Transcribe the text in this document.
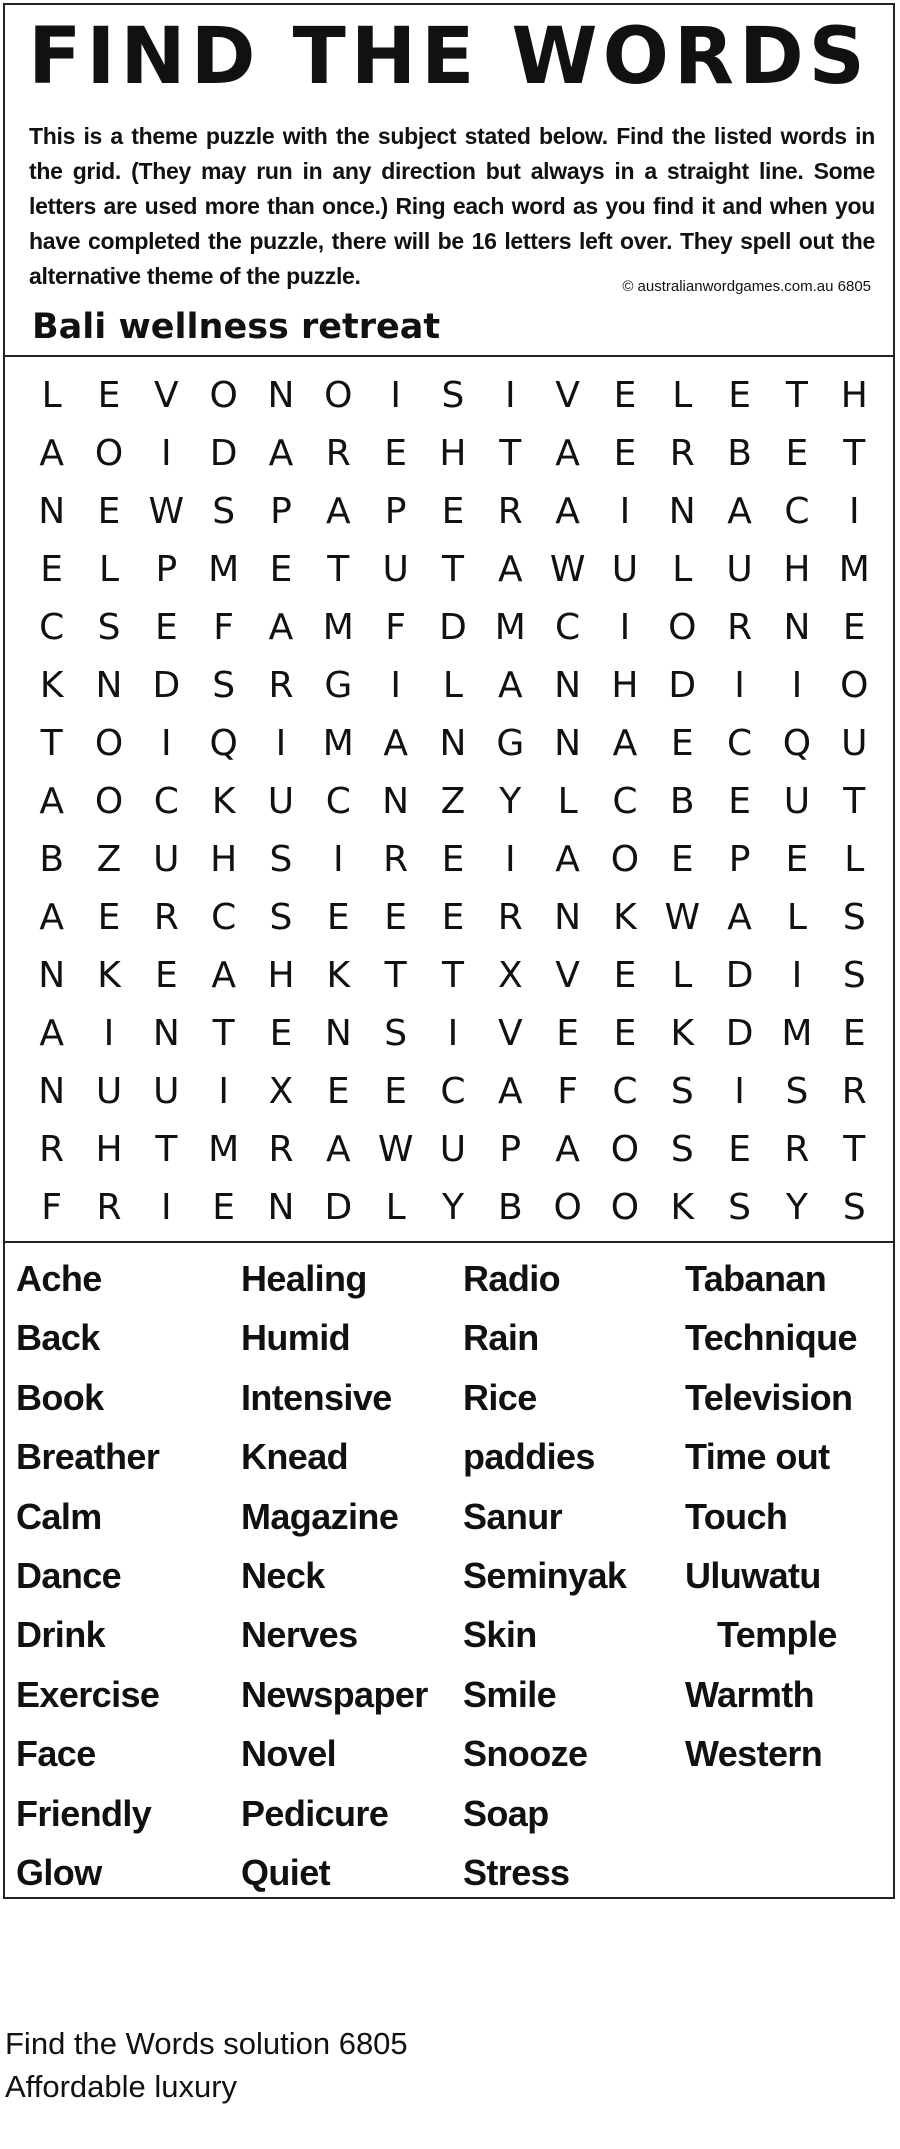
FIND THE WORDS

This is a theme puzzle with the subject stated below. Find the listed words in the grid. (They may run in any direction but always in a straight line. Some letters are used more than once.) Ring each word as you find it and when you have completed the puzzle, there will be 16 letters left over. They spell out the alternative theme of the puzzle.	© australianwordgames.com.au 6805
Bali wellness retreat
L E V O N O	I	S	I	V E L E T H
A O	I	D A R E H T A E R B E T
N E W S P A P E R A	I	N A C	I
E L	P M E T U T A W U L U H M
C S E F A M F D M C	I	O R N E
K N D S R G	I	L A N H D	I	I	O
T O	I	Q	I	M A N G N A E C Q U
A O C K U C N Z Y	L C B E U T
B Z U H S	I	R E	I	A O E P E L
A E R C S E E E R N K W A L S
N K E A H K T T X V E L D	I	S
A	I	N T E N S	I	V E E K D M E
N U U	I	X E E C A F C S	I	S R
R H T M R A W U P A O S E R T
F R	I	E N D L	Y B O O K S Y S
Ache
Back
Book
Breather
Calm
Dance
Drink
Exercise
Face
Friendly
Glow
Healing
Humid
Intensive
Knead
Magazine
Neck
Nerves
Newspaper
Novel
Pedicure
Quiet
Radio
Rain
Rice
paddies
Sanur
Seminyak
Skin
Smile
Snooze
Soap
Stress
Tabanan
Technique
Television
Time out
Touch
Uluwatu
Temple
Warmth
Western
Find the Words solution 6805
Affordable luxury
